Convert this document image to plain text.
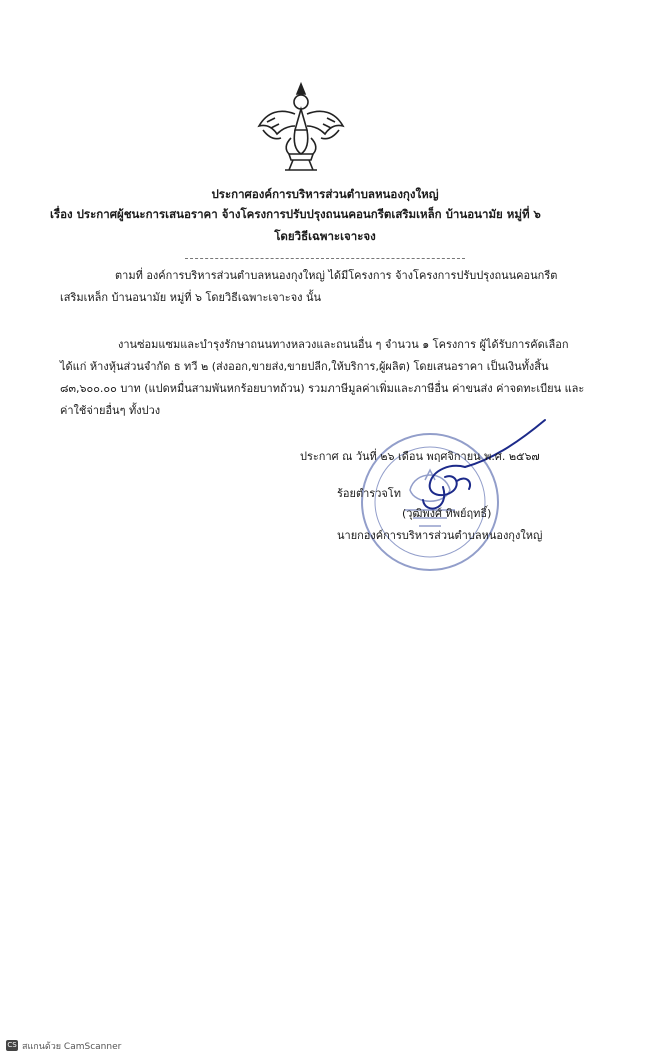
ประกาศองค์การบริหารส่วนตำบลหนองกุงใหญ่
เรื่อง ประกาศผู้ชนะการเสนอราคา จ้างโครงการปรับปรุงถนนคอนกรีตเสริมเหล็ก บ้านอนามัย หมู่ที่ ๖
โดยวิธีเฉพาะเจาะจง
ตามที่ องค์การบริหารส่วนตำบลหนองกุงใหญ่ ได้มีโครงการ จ้างโครงการปรับปรุงถนนคอนกรีต
เสริมเหล็ก บ้านอนามัย หมู่ที่ ๖ โดยวิธีเฉพาะเจาะจง นั้น
งานซ่อมแซมและบำรุงรักษาถนนทางหลวงและถนนอื่น ๆ จำนวน ๑ โครงการ ผู้ได้รับการคัดเลือก
ได้แก่ ห้างหุ้นส่วนจำกัด ธ ทวี ๒ (ส่งออก,ขายส่ง,ขายปลีก,ให้บริการ,ผู้ผลิต) โดยเสนอราคา เป็นเงินทั้งสิ้น
๘๓,๖๐๐.๐๐ บาท (แปดหมื่นสามพันหกร้อยบาทถ้วน) รวมภาษีมูลค่าเพิ่มและภาษีอื่น ค่าขนส่ง ค่าจดทะเบียน และ
ค่าใช้จ่ายอื่นๆ ทั้งปวง
ประกาศ ณ วันที่ ๒๖ เดือน พฤศจิกายน พ.ศ. ๒๕๖๗
ร้อยตำรวจโท
(วุฒิพงศ์ ทิพย์ฤทธิ์)
นายกองค์การบริหารส่วนตำบลหนองกุงใหญ่
CS สแกนด้วย CamScanner
